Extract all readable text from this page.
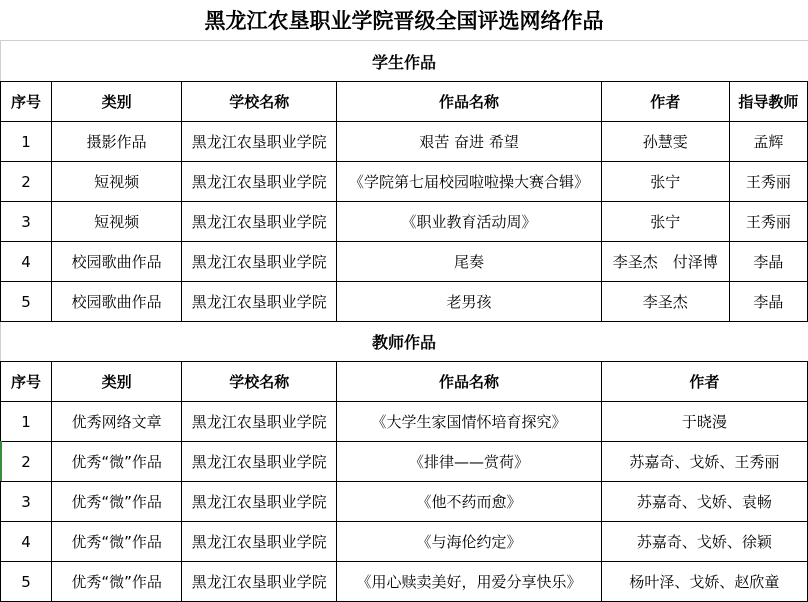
黑龙江农垦职业学院晋级全国评选网络作品
学生作品
序号	类别	学校名称	作品名称	作者	指导教师
1	摄影作品	黑龙江农垦职业学院	艰苦 奋进 希望	孙慧雯	孟辉
2	短视频	黑龙江农垦职业学院	《学院第七届校园啦啦操大赛合辑》	张宁	王秀丽
3	短视频	黑龙江农垦职业学院	《职业教育活动周》	张宁	王秀丽
4	校园歌曲作品	黑龙江农垦职业学院	尾奏	李圣杰　付泽博	李晶
5	校园歌曲作品	黑龙江农垦职业学院	老男孩	李圣杰	李晶
教师作品
序号	类别	学校名称	作品名称	作者
1	优秀网络文章	黑龙江农垦职业学院	《大学生家国情怀培育探究》	于晓漫
2	优秀“微”作品	黑龙江农垦职业学院	《排律——赏荷》	苏嘉奇、戈娇、王秀丽
3	优秀“微”作品	黑龙江农垦职业学院	《他不药而愈》	苏嘉奇、戈娇、袁畅
4	优秀“微”作品	黑龙江农垦职业学院	《与海伦约定》	苏嘉奇、戈娇、徐颖
5	优秀“微”作品	黑龙江农垦职业学院	《用心赎卖美好，用爱分享快乐》	杨叶泽、戈娇、赵欣童
